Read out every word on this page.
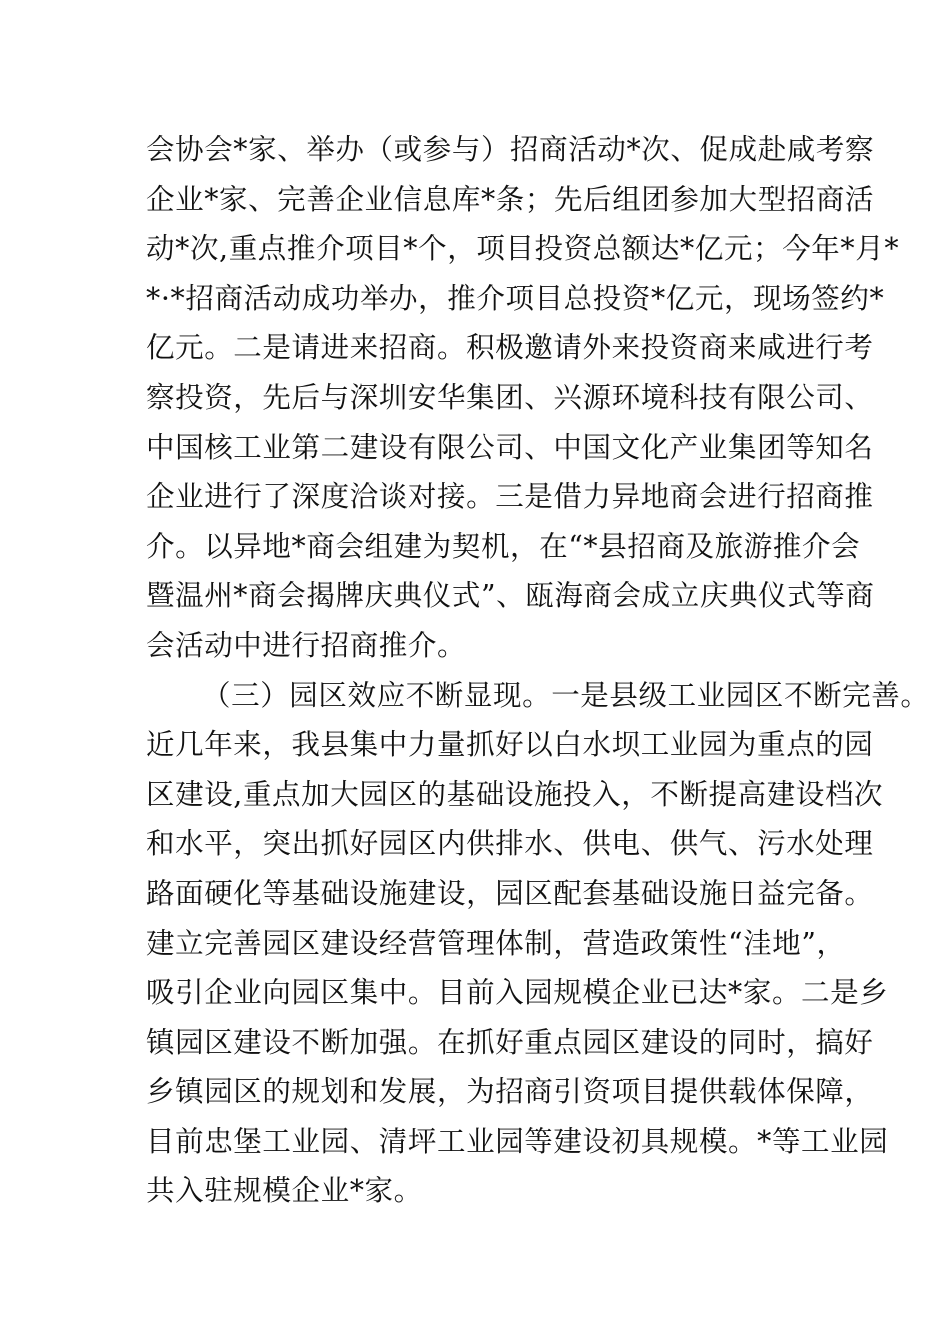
会协会*家、举办（或参与）招商活动*次、促成赴咸考察
企业*家、完善企业信息库*条；先后组团参加大型招商活
动*次,重点推介项目*个，项目投资总额达*亿元；今年*月*
*·*招商活动成功举办，推介项目总投资*亿元，现场签约*
亿元。二是请进来招商。积极邀请外来投资商来咸进行考
察投资，先后与深圳安华集团、兴源环境科技有限公司、
中国核工业第二建设有限公司、中国文化产业集团等知名
企业进行了深度洽谈对接。三是借力异地商会进行招商推
介。以异地*商会组建为契机，在“*县招商及旅游推介会
暨温州*商会揭牌庆典仪式”、瓯海商会成立庆典仪式等商
会活动中进行招商推介。
（三）园区效应不断显现。一是县级工业园区不断完善。
近几年来，我县集中力量抓好以白水坝工业园为重点的园
区建设,重点加大园区的基础设施投入，不断提高建设档次
和水平，突出抓好园区内供排水、供电、供气、污水处理
路面硬化等基础设施建设，园区配套基础设施日益完备。
建立完善园区建设经营管理体制，营造政策性“洼地”，
吸引企业向园区集中。目前入园规模企业已达*家。二是乡
镇园区建设不断加强。在抓好重点园区建设的同时，搞好
乡镇园区的规划和发展，为招商引资项目提供载体保障，
目前忠堡工业园、清坪工业园等建设初具规模。*等工业园
共入驻规模企业*家。
